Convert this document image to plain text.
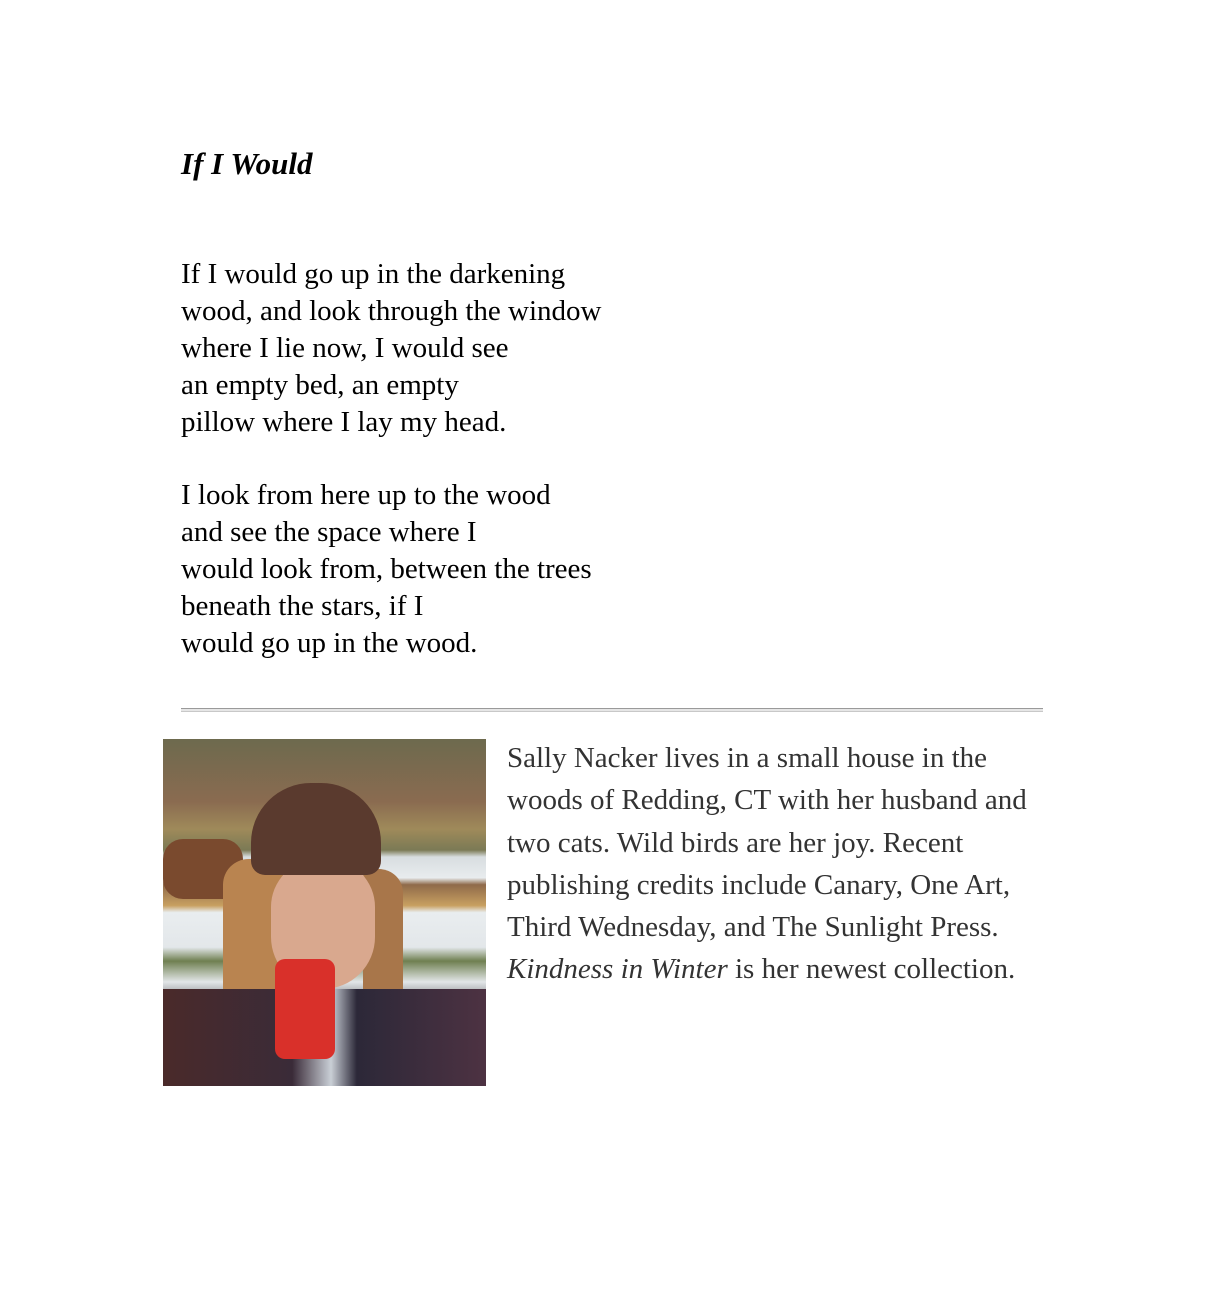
If I Would

If I would go up in the darkening
wood, and look through the window
where I lie now, I would see
an empty bed, an empty
pillow where I lay my head.

I look from here up to the wood
and see the space where I
would look from, between the trees
beneath the stars, if I
would go up in the wood.

Sally Nacker lives in a small house in the woods of Redding, CT with her husband and two cats. Wild birds are her joy. Recent publishing credits include Canary, One Art, Third Wednesday, and The Sunlight Press. Kindness in Winter is her newest collection.
